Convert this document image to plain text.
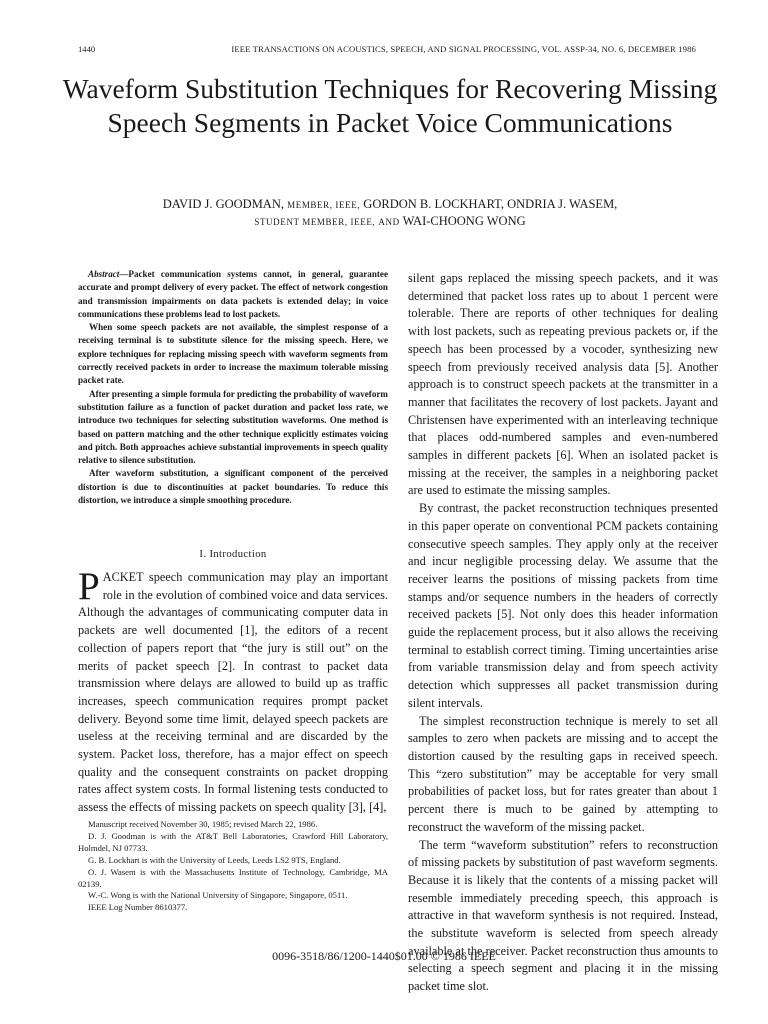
1440	IEEE TRANSACTIONS ON ACOUSTICS, SPEECH, AND SIGNAL PROCESSING, VOL. ASSP-34, NO. 6, DECEMBER 1986
Waveform Substitution Techniques for Recovering Missing Speech Segments in Packet Voice Communications
DAVID J. GOODMAN, MEMBER, IEEE, GORDON B. LOCKHART, ONDRIA J. WASEM,
STUDENT MEMBER, IEEE, AND WAI-CHOONG WONG

Abstract—Packet communication systems cannot, in general, guarantee accurate and prompt delivery of every packet. The effect of network congestion and transmission impairments on data packets is extended delay; in voice communications these problems lead to lost packets.

When some speech packets are not available, the simplest response of a receiving terminal is to substitute silence for the missing speech. Here, we explore techniques for replacing missing speech with waveform segments from correctly received packets in order to increase the maximum tolerable missing packet rate.

After presenting a simple formula for predicting the probability of waveform substitution failure as a function of packet duration and packet loss rate, we introduce two techniques for selecting substitution waveforms. One method is based on pattern matching and the other technique explicitly estimates voicing and pitch. Both approaches achieve substantial improvements in speech quality relative to silence substitution.

After waveform substitution, a significant component of the perceived distortion is due to discontinuities at packet boundaries. To reduce this distortion, we introduce a simple smoothing procedure.

I. Introduction

PACKET speech communication may play an important role in the evolution of combined voice and data services. Although the advantages of communicating computer data in packets are well documented [1], the editors of a recent collection of papers report that “the jury is still out” on the merits of packet speech [2]. In contrast to packet data transmission where delays are allowed to build up as traffic increases, speech communication requires prompt packet delivery. Beyond some time limit, delayed speech packets are useless at the receiving terminal and are discarded by the system. Packet loss, therefore, has a major effect on speech quality and the consequent constraints on packet dropping rates affect system costs. In formal listening tests conducted to assess the effects of missing packets on speech quality [3], [4],

Manuscript received November 30, 1985; revised March 22, 1986.

D. J. Goodman is with the AT&T Bell Laboratories, Crawford Hill Laboratory, Holmdel, NJ 07733.

G. B. Lockhart is with the University of Leeds, Leeds LS2 9TS, England.

O. J. Wasem is with the Massachusetts Institute of Technology, Cambridge, MA 02139.

W.-C. Wong is with the National University of Singapore, Singapore, 0511.

IEEE Log Number 8610377.

silent gaps replaced the missing speech packets, and it was determined that packet loss rates up to about 1 percent were tolerable. There are reports of other techniques for dealing with lost packets, such as repeating previous packets or, if the speech has been processed by a vocoder, synthesizing new speech from previously received analysis data [5]. Another approach is to construct speech packets at the transmitter in a manner that facilitates the recovery of lost packets. Jayant and Christensen have experimented with an interleaving technique that places odd-numbered samples and even-numbered samples in different packets [6]. When an isolated packet is missing at the receiver, the samples in a neighboring packet are used to estimate the missing samples.

By contrast, the packet reconstruction techniques presented in this paper operate on conventional PCM packets containing consecutive speech samples. They apply only at the receiver and incur negligible processing delay. We assume that the receiver learns the positions of missing packets from time stamps and/or sequence numbers in the headers of correctly received packets [5]. Not only does this header information guide the replacement process, but it also allows the receiving terminal to establish correct timing. Timing uncertainties arise from variable transmission delay and from speech activity detection which suppresses all packet transmission during silent intervals.

The simplest reconstruction technique is merely to set all samples to zero when packets are missing and to accept the distortion caused by the resulting gaps in received speech. This “zero substitution” may be acceptable for very small probabilities of packet loss, but for rates greater than about 1 percent there is much to be gained by attempting to reconstruct the waveform of the missing packet.

The term “waveform substitution” refers to reconstruction of missing packets by substitution of past waveform segments. Because it is likely that the contents of a missing packet will resemble immediately preceding speech, this approach is attractive in that waveform synthesis is not required. Instead, the substitute waveform is selected from speech already available at the receiver. Packet reconstruction thus amounts to selecting a speech segment and placing it in the missing packet time slot.

0096-3518/86/1200-1440$01.00 © 1986 IEEE
